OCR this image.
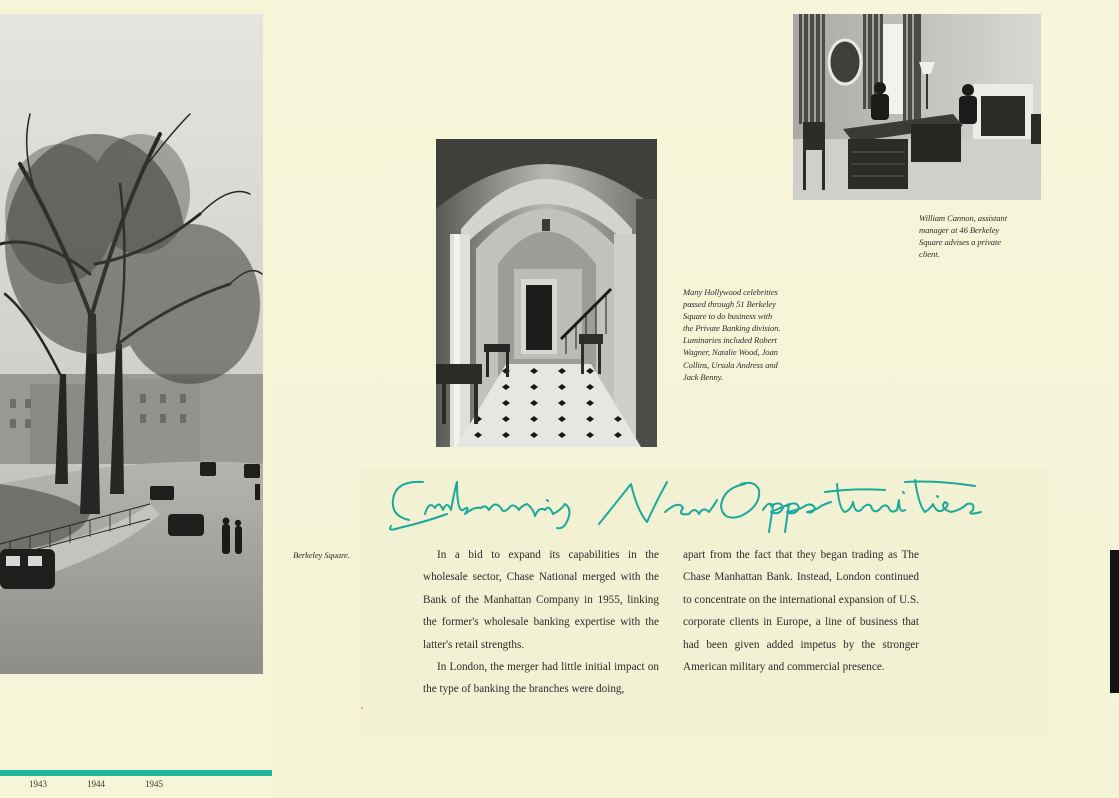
Many Hollywood celebrities passed through 51 Berkeley Square to do business with the Private Banking division. Luminaries included Robert Wagner, Natalie Wood, Joan Collins, Ursula Andress and Jack Benny.
William Cannon, assistant manager at 46 Berkeley Square advises a private client.
Berkeley Square.	In a bid to expand its capabilities in the wholesale sector, Chase National merged with the Bank of the Manhattan Company in 1955, linking the former's wholesale banking expertise with the latter's retail strengths.

In London, the merger had little initial impact on the type of banking the branches were doing,

apart from the fact that they began trading as The Chase Manhattan Bank. Instead, London continued to concentrate on the international expansion of U.S. corporate clients in Europe, a line of business that had been given added impetus by the stronger American military and commercial presence.

1943	1944	1945
